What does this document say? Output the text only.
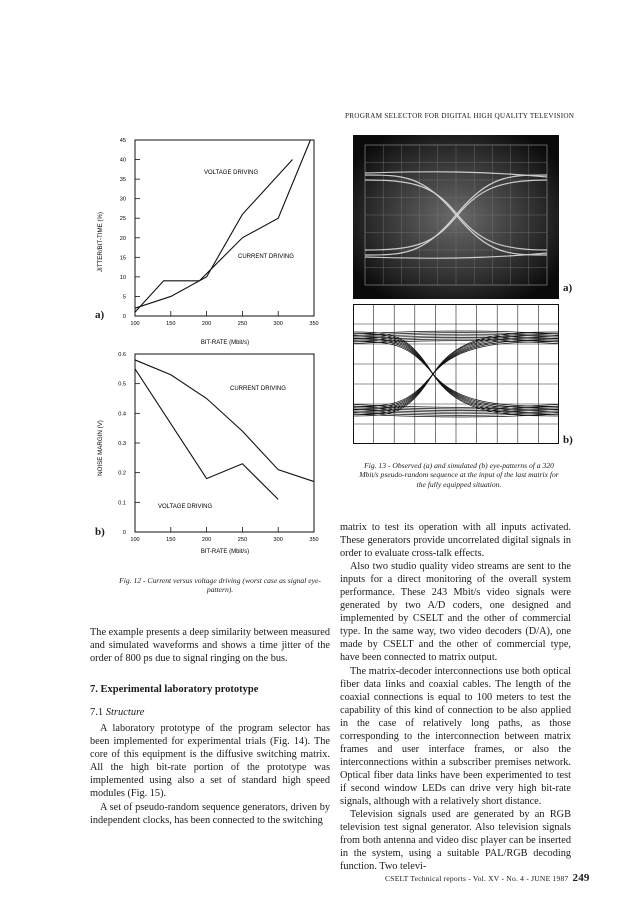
PROGRAM SELECTOR FOR DIGITAL HIGH QUALITY TELEVISION
0
5
10
15
20
25
30
35
40
45
100	150	200	250	300	350
JITTER/BIT-TIME (%)
BIT-RATE (Mbit/s)
VOLTAGE DRIVING
CURRENT DRIVING
a)
0
0.1
0.2
0.3
0.4
0.5
0.6
100	150	200	250	300	350
NOISE MARGIN (V)
BIT-RATE (Mbit/s)
CURRENT DRIVING
VOLTAGE DRIVING
b)
Fig. 12 - Current versus voltage driving (worst case as signal eye-pattern).
a)
b)
Fig. 13 - Observed (a) and simulated (b) eye-patterns of a 320 Mbit/s pseudo-random sequence at the input of the last matrix for the fully equipped situation.

The example presents a deep similarity between measured and simulated waveforms and shows a time jitter of the order of 800 ps due to signal ringing on the bus.

7. Experimental laboratory prototype
7.1 Structure

A laboratory prototype of the program selector has been implemented for experimental trials (Fig. 14). The core of this equipment is the diffusive switching matrix. All the high bit-rate portion of the prototype was implemented using also a set of standard high speed modules (Fig. 15).

A set of pseudo-random sequence generators, driven by independent clocks, has been connected to the switching

matrix to test its operation with all inputs activated. These generators provide uncorrelated digital signals in order to evaluate cross-talk effects.

Also two studio quality video streams are sent to the inputs for a direct monitoring of the overall system performance. These 243 Mbit/s video signals were generated by two A/D coders, one designed and implemented by CSELT and the other of commercial type. In the same way, two video decoders (D/A), one made by CSELT and the other of commercial type, have been connected to matrix output.

The matrix-decoder interconnections use both optical fiber data links and coaxial cables. The length of the coaxial connections is equal to 100 meters to test the capability of this kind of connection to be also applied in the case of relatively long paths, as those corresponding to the interconnection between matrix frames and user interface frames, or also the interconnections within a subscriber premises network. Optical fiber data links have been experimented to test if second window LEDs can drive very high bit-rate signals, although with a relatively short distance.

Television signals used are generated by an RGB television test signal generator. Also television signals from both antenna and video disc player can be inserted in the system, using a suitable PAL/RGB decoding function. Two televi-

CSELT Technical reports - Vol. XV - No. 4 - JUNE 1987 249
